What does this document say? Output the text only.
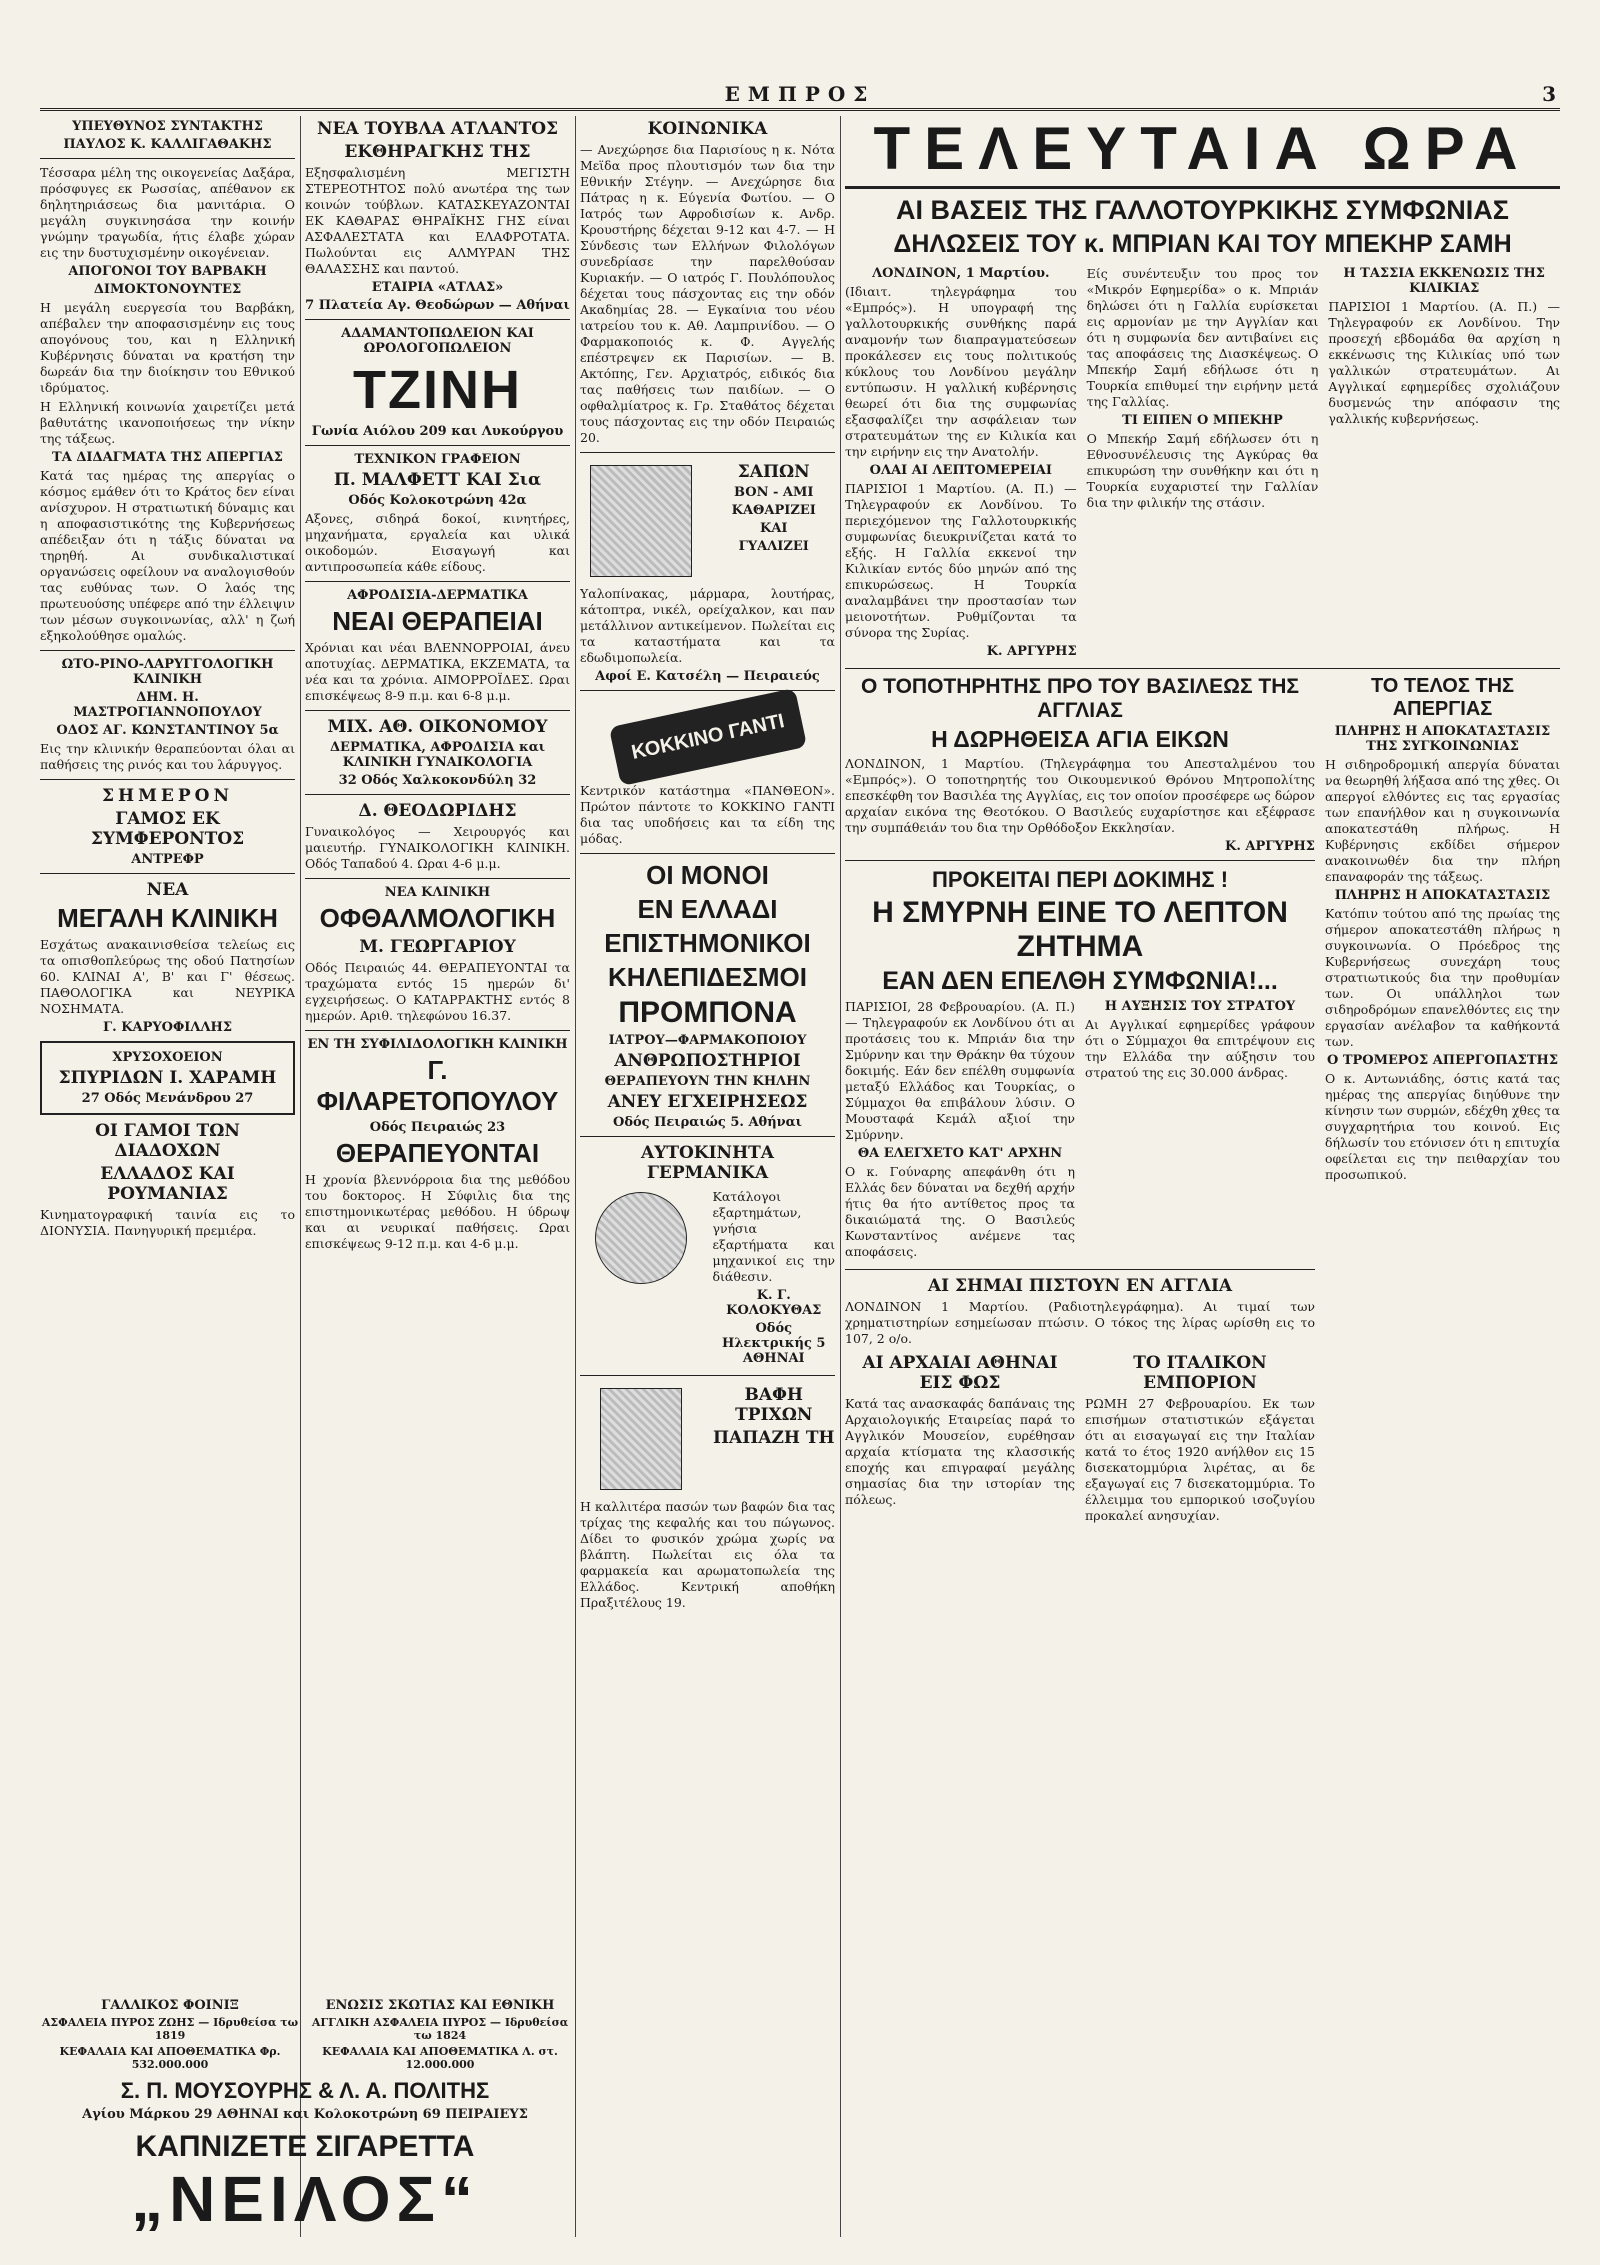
ΕΜΠΡΟΣ	3
ΥΠΕΥΘΥΝΟΣ ΣΥΝΤΑΚΤΗΣ
ΠΑΥΛΟΣ Κ. ΚΑΛΛΙΓΑΘΑΚΗΣ
Τέσσαρα μέλη της οικογενείας Δαξάρα, πρόσφυγες εκ Ρωσσίας, απέθανον εκ δηλητηριάσεως δια μανιτάρια. Ο μεγάλη συγκινησάσα την κοινήν γνώμην τραγωδία, ήτις έλαβε χώραν εις την δυστυχισμένην οικογένειαν.
ΑΠΟΓΟΝΟΙ ΤΟΥ ΒΑΡΒΑΚΗ
ΔΙΜΟΚΤΟΝΟΥΝΤΕΣ
Η μεγάλη ευεργεσία του Βαρβάκη, απέβαλεν την αποφασισμένην εις τους απογόνους του, και η Ελληνική Κυβέρνησις δύναται να κρατήση την δωρεάν δια την διοίκησιν του Εθνικού ιδρύματος.
Η Ελληνική κοινωνία χαιρετίζει μετά βαθυτάτης ικανοποιήσεως την νίκην της τάξεως.
ΤΑ ΔΙΔΑΓΜΑΤΑ ΤΗΣ ΑΠΕΡΓΙΑΣ
Κατά τας ημέρας της απεργίας ο κόσμος εμάθεν ότι το Κράτος δεν είναι ανίσχυρον. Η στρατιωτική δύναμις και η αποφασιστικότης της Κυβερνήσεως απέδειξαν ότι η τάξις δύναται να τηρηθή. Αι συνδικαλιστικαί οργανώσεις οφείλουν να αναλογισθούν τας ευθύνας των. Ο λαός της πρωτευούσης υπέφερε από την έλλειψιν των μέσων συγκοινωνίας, αλλ' η ζωή εξηκολούθησε ομαλώς.
ΩΤΟ-ΡΙΝΟ-ΛΑΡΥΓΓΟΛΟΓΙΚΗ ΚΛΙΝΙΚΗ
ΔΗΜ. Η. ΜΑΣΤΡΟΓΙΑΝΝΟΠΟΥΛΟΥ
ΟΔΟΣ ΑΓ. ΚΩΝΣΤΑΝΤΙΝΟΥ 5α
Εις την κλινικήν θεραπεύονται όλαι αι παθήσεις της ρινός και του λάρυγγος.
ΣΗΜΕΡΟΝ
ΓΑΜΟΣ ΕΚ ΣΥΜΦΕΡΟΝΤΟΣ
ΑΝΤΡΕΦΡ
ΝΕΑ
ΜΕΓΑΛΗ ΚΛΙΝΙΚΗ
Εσχάτως ανακαινισθείσα τελείως εις τα οπισθοπλεύρως της οδού Πατησίων 60. ΚΛΙΝΑΙ Α', Β' και Γ' θέσεως. ΠΑΘΟΛΟΓΙΚΑ και ΝΕΥΡΙΚΑ ΝΟΣΗΜΑΤΑ.
Γ. ΚΑΡΥΟΦΙΛΛΗΣ
ΧΡΥΣΟΧΟΕΙΟΝ
ΣΠΥΡΙΔΩΝ Ι. ΧΑΡΑΜΗ
27 Οδός Μενάνδρου 27
ΟΙ ΓΑΜΟΙ ΤΩΝ ΔΙΑΔΟΧΩΝ
ΕΛΛΑΔΟΣ ΚΑΙ ΡΟΥΜΑΝΙΑΣ
Κινηματογραφική ταινία εις το ΔΙΟΝΥΣΙΑ. Πανηγυρική πρεμιέρα.
ΓΑΛΛΙΚΟΣ ΦΟΙΝΙΞ
ΑΣΦΑΛΕΙΑ ΠΥΡΟΣ ΖΩΗΣ — Ιδρυθείσα τω 1819
ΚΕΦΑΛΑΙΑ ΚΑΙ ΑΠΟΘΕΜΑΤΙΚΑ Φρ. 532.000.000
ΕΝΩΣΙΣ ΣΚΩΤΙΑΣ ΚΑΙ ΕΘΝΙΚΗ
ΑΓΓΛΙΚΗ ΑΣΦΑΛΕΙΑ ΠΥΡΟΣ — Ιδρυθείσα τω 1824
ΚΕΦΑΛΑΙΑ ΚΑΙ ΑΠΟΘΕΜΑΤΙΚΑ Λ. στ. 12.000.000
Σ. Π. ΜΟΥΣΟΥΡΗΣ & Λ. Α. ΠΟΛΙΤΗΣ
Αγίου Μάρκου 29 ΑΘΗΝΑΙ και Κολοκοτρώνη 69 ΠΕΙΡΑΙΕΥΣ
ΚΑΠΝΙΖΕΤΕ ΣΙΓΑΡΕΤΤΑ
„ΝΕΙΛΟΣ“
ΝΕΑ ΤΟΥΒΛΑ ΑΤΛΑΝΤΟΣ
ΕΚΘΗΡΑΓΚΗΣ ΤΗΣ
Εξησφαλισμένη ΜΕΓΙΣΤΗ ΣΤΕΡΕΟΤΗΤΟΣ πολύ ανωτέρα της των κοινών τούβλων. ΚΑΤΑΣΚΕΥΑΖΟΝΤΑΙ ΕΚ ΚΑΘΑΡΑΣ ΘΗΡΑΪΚΗΣ ΓΗΣ είναι ΑΣΦΑΛΕΣΤΑΤΑ και ΕΛΑΦΡΟΤΑΤΑ. Πωλούνται εις ΑΛΜΥΡΑΝ ΤΗΣ ΘΑΛΑΣΣΗΣ και παντού.
ΕΤΑΙΡΙΑ «ΑΤΛΑΣ»
7 Πλατεία Αγ. Θεοδώρων — Αθήναι
ΑΔΑΜΑΝΤΟΠΩΛΕΙΟΝ ΚΑΙ ΩΡΟΛΟΓΟΠΩΛΕΙΟΝ
ΤΖΙΝΗ
Γωνία Αιόλου 209 και Λυκούργου
ΤΕΧΝΙΚΟΝ ΓΡΑΦΕΙΟΝ
Π. ΜΑΛΦΕΤΤ ΚΑΙ Σια
Οδός Κολοκοτρώνη 42α
Αξονες, σιδηρά δοκοί, κινητήρες, μηχανήματα, εργαλεία και υλικά οικοδομών. Εισαγωγή και αντιπροσωπεία κάθε είδους.
ΑΦΡΟΔΙΣΙΑ-ΔΕΡΜΑΤΙΚΑ
ΝΕΑΙ ΘΕΡΑΠΕΙΑΙ
Χρόνιαι και νέαι ΒΛΕΝΝΟΡΡΟΙΑΙ, άνευ αποτυχίας. ΔΕΡΜΑΤΙΚΑ, ΕΚΖΕΜΑΤΑ, τα νέα και τα χρόνια. ΑΙΜΟΡΡΟΪΔΕΣ. Ωραι επισκέψεως 8-9 π.μ. και 6-8 μ.μ.
ΜΙΧ. ΑΘ. ΟΙΚΟΝΟΜΟΥ
ΔΕΡΜΑΤΙΚΑ, ΑΦΡΟΔΙΣΙΑ και ΚΛΙΝΙΚΗ ΓΥΝΑΙΚΟΛΟΓΙΑ
32 Οδός Χαλκοκονδύλη 32
Δ. ΘΕΟΔΩΡΙΔΗΣ
Γυναικολόγος — Χειρουργός και μαιευτήρ. ΓΥΝΑΙΚΟΛΟΓΙΚΗ ΚΛΙΝΙΚΗ. Οδός Ταπαδού 4. Ωραι 4-6 μ.μ.
ΝΕΑ ΚΛΙΝΙΚΗ
ΟΦΘΑΛΜΟΛΟΓΙΚΗ
Μ. ΓΕΩΡΓΑΡΙΟΥ
Οδός Πειραιώς 44. ΘΕΡΑΠΕΥΟΝΤΑΙ τα τραχώματα εντός 15 ημερών δι' εγχειρήσεως. Ο ΚΑΤΑΡΡΑΚΤΗΣ εντός 8 ημερών. Αριθ. τηλεφώνου 16.37.
ΕΝ ΤΗ ΣΥΦΙΛΙΔΟΛΟΓΙΚΗ ΚΛΙΝΙΚΗ
Γ. ΦΙΛΑΡΕΤΟΠΟΥΛΟΥ
Οδός Πειραιώς 23
ΘΕΡΑΠΕΥΟΝΤΑΙ
Η χρονία βλεννόρροια δια της μεθόδου του δοκτορος. Η Σύφιλις δια της επιστημονικωτέρας μεθόδου. Η ύδρωψ και αι νευρικαί παθήσεις. Ωραι επισκέψεως 9-12 π.μ. και 4-6 μ.μ.
ΚΟΙΝΩΝΙΚΑ
— Ανεχώρησε δια Παρισίους η κ. Νότα Μεϊδα προς πλουτισμόν των δια την Εθνικήν Στέγην. — Ανεχώρησε δια Πάτρας η κ. Εύγενία Φωτίου. — Ο Ιατρός των Αφροδισίων κ. Ανδρ. Κρουστήρης δέχεται 9-12 και 4-7. — Η Σύνδεσις των Ελλήνων Φιλολόγων συνεδρίασε την παρελθούσαν Κυριακήν. — Ο ιατρός Γ. Πουλόπουλος δέχεται τους πάσχοντας εις την οδόν Ακαδημίας 28. — Εγκαίνια του νέου ιατρείου του κ. Αθ. Λαμπρινίδου. — Ο Φαρμακοποιός κ. Φ. Αγγελής επέστρεψεν εκ Παρισίων. — Β. Ακτόπης, Γεν. Αρχιατρός, ειδικός δια τας παθήσεις των παιδίων. — Ο οφθαλμίατρος κ. Γρ. Σταθάτος δέχεται τους πάσχοντας εις την οδόν Πειραιώς 20.
ΣΑΠΩΝ
BON - AMI
ΚΑΘΑΡΙΖΕΙ
ΚΑΙ
ΓΥΑΛΙΖΕΙ
Υαλοπίνακας, μάρμαρα, λουτήρας, κάτοπτρα, νικέλ, ορείχαλκον, και παν μετάλλινον αντικείμενον. Πωλείται εις τα καταστήματα και τα εδωδιμοπωλεία.
Αφοί Ε. Κατσέλη — Πειραιεύς
ΚΟΚΚΙΝΟ ΓΑΝΤΙ
Κεντρικόν κατάστημα «ΠΑΝΘΕΟΝ». Πρώτον πάντοτε το ΚΟΚΚΙΝΟ ΓΑΝΤΙ δια τας υποδήσεις και τα είδη της μόδας.
ΟΙ ΜΟΝΟΙ
ΕΝ ΕΛΛΑΔΙ
ΕΠΙΣΤΗΜΟΝΙΚΟΙ
ΚΗΛΕΠΙΔΕΣΜΟΙ
ΠΡΟΜΠΟΝΑ
ΙΑΤΡΟΥ—ΦΑΡΜΑΚΟΠΟΙΟΥ
ΑΝΘΡΩΠΟΣΤΗΡΙΟΙ
ΘΕΡΑΠΕΥΟΥΝ ΤΗΝ ΚΗΛΗΝ
ΑΝΕΥ ΕΓΧΕΙΡΗΣΕΩΣ
Οδός Πειραιώς 5. Αθήναι
ΑΥΤΟΚΙΝΗΤΑ ΓΕΡΜΑΝΙΚΑ
Κατάλογοι εξαρτημάτων, γνήσια εξαρτήματα και μηχανικοί εις την διάθεσιν.
Κ. Γ. ΚΟΛΟΚΥΘΑΣ
Οδός Ηλεκτρικής 5 ΑΘΗΝΑΙ
ΒΑΦΗ ΤΡΙΧΩΝ
ΠΑΠΑΖΗ ΤΗ
Η καλλιτέρα πασών των βαφών δια τας τρίχας της κεφαλής και του πώγωνος. Δίδει το φυσικόν χρώμα χωρίς να βλάπτη. Πωλείται εις όλα τα φαρμακεία και αρωματοπωλεία της Ελλάδος. Κεντρική αποθήκη Πραξιτέλους 19.
ΤΕΛΕΥΤΑΙΑ ΩΡΑ
ΑΙ ΒΑΣΕΙΣ ΤΗΣ ΓΑΛΛΟΤΟΥΡΚΙΚΗΣ ΣΥΜΦΩΝΙΑΣ
ΔΗΛΩΣΕΙΣ ΤΟΥ κ. ΜΠΡΙΑΝ ΚΑΙ ΤΟΥ ΜΠΕΚΗΡ ΣΑΜΗ
ΛΟΝΔΙΝΟΝ, 1 Μαρτίου.
(Ιδιαιτ. τηλεγράφημα του «Εμπρός»). Η υπογραφή της γαλλοτουρκικής συνθήκης παρά αναμονήν των διαπραγματεύσεων προκάλεσεν εις τους πολιτικούς κύκλους του Λονδίνου μεγάλην εντύπωσιν. Η γαλλική κυβέρνησις θεωρεί ότι δια της συμφωνίας εξασφαλίζει την ασφάλειαν των στρατευμάτων της εν Κιλικία και την ειρήνην εις την Ανατολήν.
ΟΛΑΙ ΑΙ ΛΕΠΤΟΜΕΡΕΙΑΙ
ΠΑΡΙΣΙΟΙ 1 Μαρτίου. (Α. Π.) — Τηλεγραφούν εκ Λονδίνου. Το περιεχόμενον της Γαλλοτουρκικής συμφωνίας διευκρινίζεται κατά το εξής. Η Γαλλία εκκενοί την Κιλικίαν εντός δύο μηνών από της επικυρώσεως. Η Τουρκία αναλαμβάνει την προστασίαν των μειονοτήτων. Ρυθμίζονται τα σύνορα της Συρίας.
Κ. ΑΡΓΥΡΗΣ
Είς συνέντευξιν του προς τον «Μικρόν Εφημερίδα» ο κ. Μπριάν δηλώσει ότι η Γαλλία ευρίσκεται εις αρμονίαν με την Αγγλίαν και ότι η συμφωνία δεν αντιβαίνει εις τας αποφάσεις της Διασκέψεως. Ο Μπεκήρ Σαμή εδήλωσε ότι η Τουρκία επιθυμεί την ειρήνην μετά της Γαλλίας.
ΤΙ ΕΙΠΕΝ Ο ΜΠΕΚΗΡ
Ο Μπεκήρ Σαμή εδήλωσεν ότι η Εθνοσυνέλευσις της Αγκύρας θα επικυρώση την συνθήκην και ότι η Τουρκία ευχαριστεί την Γαλλίαν δια την φιλικήν της στάσιν.
Η ΤΑΣΣΙΑ ΕΚΚΕΝΩΣΙΣ ΤΗΣ ΚΙΛΙΚΙΑΣ
ΠΑΡΙΣΙΟΙ 1 Μαρτίου. (Α. Π.) — Τηλεγραφούν εκ Λονδίνου. Την προσεχή εβδομάδα θα αρχίση η εκκένωσις της Κιλικίας υπό των γαλλικών στρατευμάτων. Αι Αγγλικαί εφημερίδες σχολιάζουν δυσμενώς την απόφασιν της γαλλικής κυβερνήσεως.
Ο ΤΟΠΟΤΗΡΗΤΗΣ ΠΡΟ ΤΟΥ ΒΑΣΙΛΕΩΣ ΤΗΣ ΑΓΓΛΙΑΣ
Η ΔΩΡΗΘΕΙΣΑ ΑΓΙΑ ΕΙΚΩΝ
ΛΟΝΔΙΝΟΝ, 1 Μαρτίου. (Τηλεγράφημα του Απεσταλμένου του «Εμπρός»). Ο τοποτηρητής του Οικουμενικού Θρόνου Μητροπολίτης επεσκέφθη τον Βασιλέα της Αγγλίας, εις τον οποίον προσέφερε ως δώρον αρχαίαν εικόνα της Θεοτόκου. Ο Βασιλεύς ευχαρίστησε και εξέφρασε την συμπάθειάν του δια την Ορθόδοξον Εκκλησίαν.
Κ. ΑΡΓΥΡΗΣ
ΠΡΟΚΕΙΤΑΙ ΠΕΡΙ ΔΟΚΙΜΗΣ !
Η ΣΜΥΡΝΗ ΕΙΝΕ ΤΟ ΛΕΠΤΟΝ ΖΗΤΗΜΑ
ΕΑΝ ΔΕΝ ΕΠΕΛΘΗ ΣΥΜΦΩΝΙΑ!...
ΠΑΡΙΣΙΟΙ, 28 Φεβρουαρίου. (Α. Π.) — Τηλεγραφούν εκ Λονδίνου ότι αι προτάσεις του κ. Μπριάν δια την Σμύρνην και την Θράκην θα τύχουν δοκιμής. Εάν δεν επέλθη συμφωνία μεταξύ Ελλάδος και Τουρκίας, ο Σύμμαχοι θα επιβάλουν λύσιν. Ο Μουσταφά Κεμάλ αξιοί την Σμύρνην.
ΘΑ ΕΛΕΓΧΕΤΟ ΚΑΤ' ΑΡΧΗΝ
Ο κ. Γούναρης απεφάνθη ότι η Ελλάς δεν δύναται να δεχθή αρχήν ήτις θα ήτο αντίθετος προς τα δικαιώματά της. Ο Βασιλεύς Κωνσταντίνος ανέμενε τας αποφάσεις.
Η ΑΥΞΗΣΙΣ ΤΟΥ ΣΤΡΑΤΟΥ
Αι Αγγλικαί εφημερίδες γράφουν ότι ο Σύμμαχοι θα επιτρέψουν εις την Ελλάδα την αύξησιν του στρατού της εις 30.000 άνδρας.
ΑΙ ΣΗΜΑΙ ΠΙΣΤΟΥΝ ΕΝ ΑΓΓΛΙΑ
ΛΟΝΔΙΝΟΝ 1 Μαρτίου. (Ραδιοτηλεγράφημα). Αι τιμαί των χρηματιστηρίων εσημείωσαν πτώσιν. Ο τόκος της λίρας ωρίσθη εις το 107, 2 ο/ο.
ΑΙ ΑΡΧΑΙΑΙ ΑΘΗΝΑΙ ΕΙΣ ΦΩΣ
Κατά τας ανασκαφάς δαπάναις της Αρχαιολογικής Εταιρείας παρά το Αγγλικόν Μουσείον, ευρέθησαν αρχαία κτίσματα της κλασσικής εποχής και επιγραφαί μεγάλης σημασίας δια την ιστορίαν της πόλεως.
ΤΟ ΙΤΑΛΙΚΟΝ ΕΜΠΟΡΙΟΝ
ΡΩΜΗ 27 Φεβρουαρίου. Εκ των επισήμων στατιστικών εξάγεται ότι αι εισαγωγαί εις την Ιταλίαν κατά το έτος 1920 ανήλθον εις 15 δισεκατομμύρια λιρέτας, αι δε εξαγωγαί εις 7 δισεκατομμύρια. Το έλλειμμα του εμπορικού ισοζυγίου προκαλεί ανησυχίαν.
ΤΟ ΤΕΛΟΣ ΤΗΣ ΑΠΕΡΓΙΑΣ
ΠΛΗΡΗΣ Η ΑΠΟΚΑΤΑΣΤΑΣΙΣ ΤΗΣ ΣΥΓΚΟΙΝΩΝΙΑΣ
Η σιδηροδρομική απεργία δύναται να θεωρηθή λήξασα από της χθες. Οι απεργοί ελθόντες εις τας εργασίας των επανήλθον και η συγκοινωνία αποκατεστάθη πλήρως. Η Κυβέρνησις εκδίδει σήμερον ανακοινωθέν δια την πλήρη επαναφοράν της τάξεως.
ΠΛΗΡΗΣ Η ΑΠΟΚΑΤΑΣΤΑΣΙΣ
Κατόπιν τούτου από της πρωίας της σήμερον αποκατεστάθη πλήρως η συγκοινωνία. Ο Πρόεδρος της Κυβερνήσεως συνεχάρη τους στρατιωτικούς δια την προθυμίαν των. Οι υπάλληλοι των σιδηροδρόμων επανελθόντες εις την εργασίαν ανέλαβον τα καθήκοντά των.
Ο ΤΡΟΜΕΡΟΣ ΑΠΕΡΓΟΠΑΣΤΗΣ
Ο κ. Αντωνιάδης, όστις κατά τας ημέρας της απεργίας διηύθυνε την κίνησιν των συρμών, εδέχθη χθες τα συγχαρητήρια του κοινού. Εις δήλωσίν του ετόνισεν ότι η επιτυχία οφείλεται εις την πειθαρχίαν του προσωπικού.
